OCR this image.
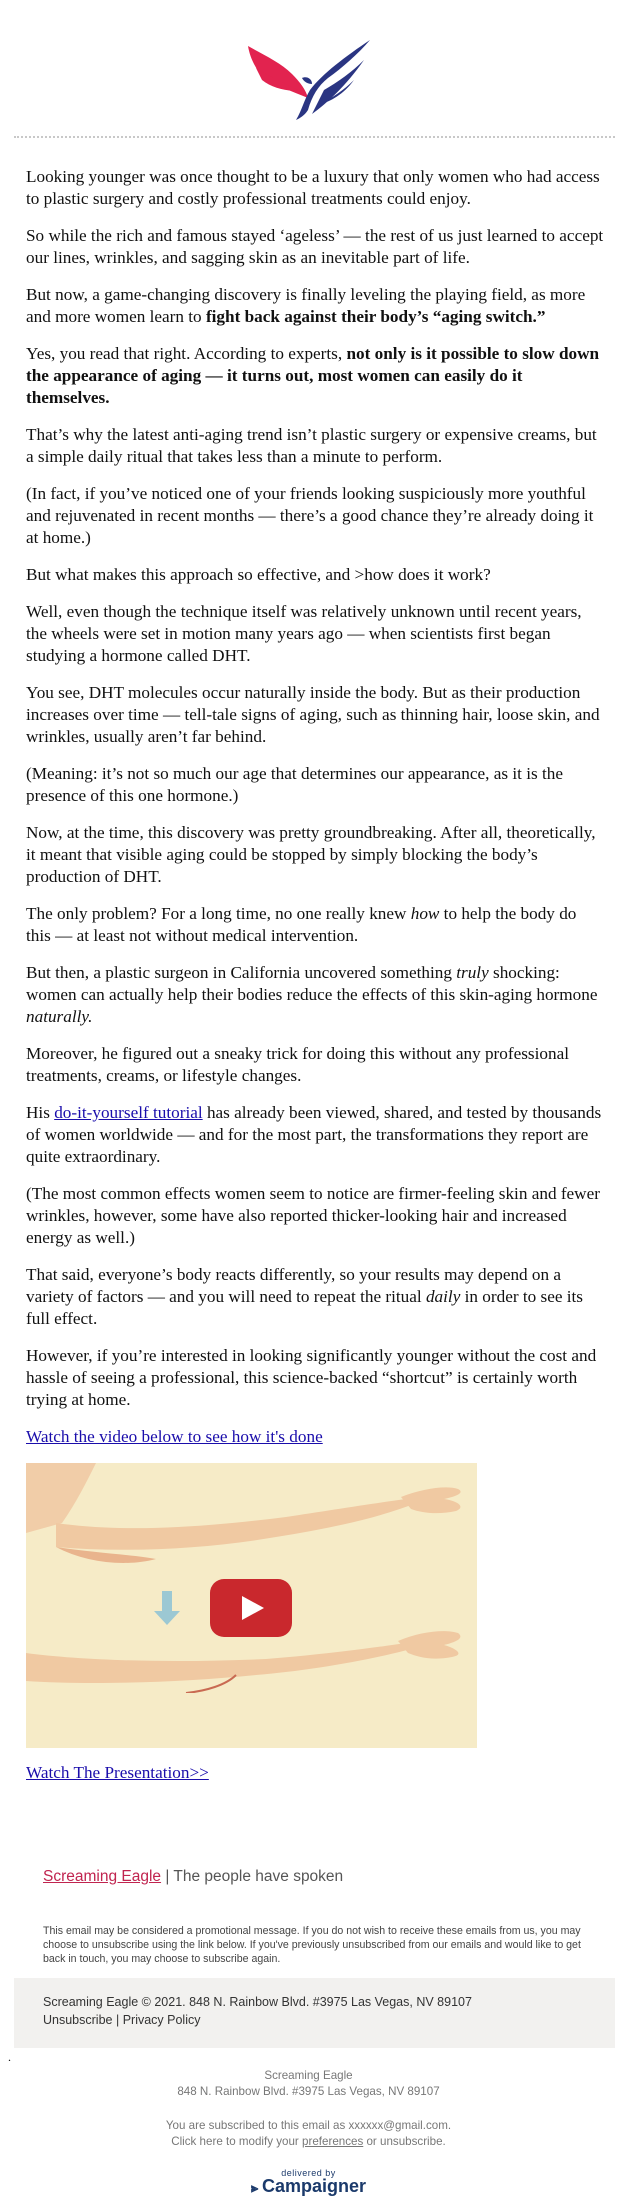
Looking younger was once thought to be a luxury that only women who had access to plastic surgery and costly professional treatments could enjoy.

So while the rich and famous stayed ‘ageless’ — the rest of us just learned to accept our lines, wrinkles, and sagging skin as an inevitable part of life.

But now, a game-changing discovery is finally leveling the playing field, as more and more women learn to fight back against their body’s “aging switch.”

Yes, you read that right. According to experts, not only is it possible to slow down the appearance of aging — it turns out, most women can easily do it themselves.

That’s why the latest anti-aging trend isn’t plastic surgery or expensive creams, but a simple daily ritual that takes less than a minute to perform.

(In fact, if you’ve noticed one of your friends looking suspiciously more youthful and rejuvenated in recent months — there’s a good chance they’re already doing it at home.)

But what makes this approach so effective, and >how does it work?

Well, even though the technique itself was relatively unknown until recent years, the wheels were set in motion many years ago — when scientists first began studying a hormone called DHT.

You see, DHT molecules occur naturally inside the body. But as their production increases over time — tell-tale signs of aging, such as thinning hair, loose skin, and wrinkles, usually aren’t far behind.

(Meaning: it’s not so much our age that determines our appearance, as it is the presence of this one hormone.)

Now, at the time, this discovery was pretty groundbreaking. After all, theoretically, it meant that visible aging could be stopped by simply blocking the body’s production of DHT.

The only problem? For a long time, no one really knew how to help the body do this — at least not without medical intervention.

But then, a plastic surgeon in California uncovered something truly shocking: women can actually help their bodies reduce the effects of this skin-aging hormone naturally.

Moreover, he figured out a sneaky trick for doing this without any professional treatments, creams, or lifestyle changes.

His do-it-yourself tutorial has already been viewed, shared, and tested by thousands of women worldwide — and for the most part, the transformations they report are quite extraordinary.

(The most common effects women seem to notice are firmer-feeling skin and fewer wrinkles, however, some have also reported thicker-looking hair and increased energy as well.)

That said, everyone’s body reacts differently, so your results may depend on a variety of factors — and you will need to repeat the ritual daily in order to see its full effect.

However, if you’re interested in looking significantly younger without the cost and hassle of seeing a professional, this science-backed “shortcut” is certainly worth trying at home.

Watch the video below to see how it's done

Watch The Presentation>>

Screaming Eagle | The people have spoken
This email may be considered a promotional message. If you do not wish to receive these emails from us, you may choose to unsubscribe using the link below. If you've previously unsubscribed from our emails and would like to get back in touch, you may choose to subscribe again.
Screaming Eagle © 2021. 848 N. Rainbow Blvd. #3975 Las Vegas, NV 89107
Unsubscribe | Privacy Policy
.
Screaming Eagle
848 N. Rainbow Blvd. #3975 Las Vegas, NV 89107
You are subscribed to this email as xxxxxx@gmail.com.
Click here to modify your preferences or unsubscribe.
delivered by
⫸ Campaigner
